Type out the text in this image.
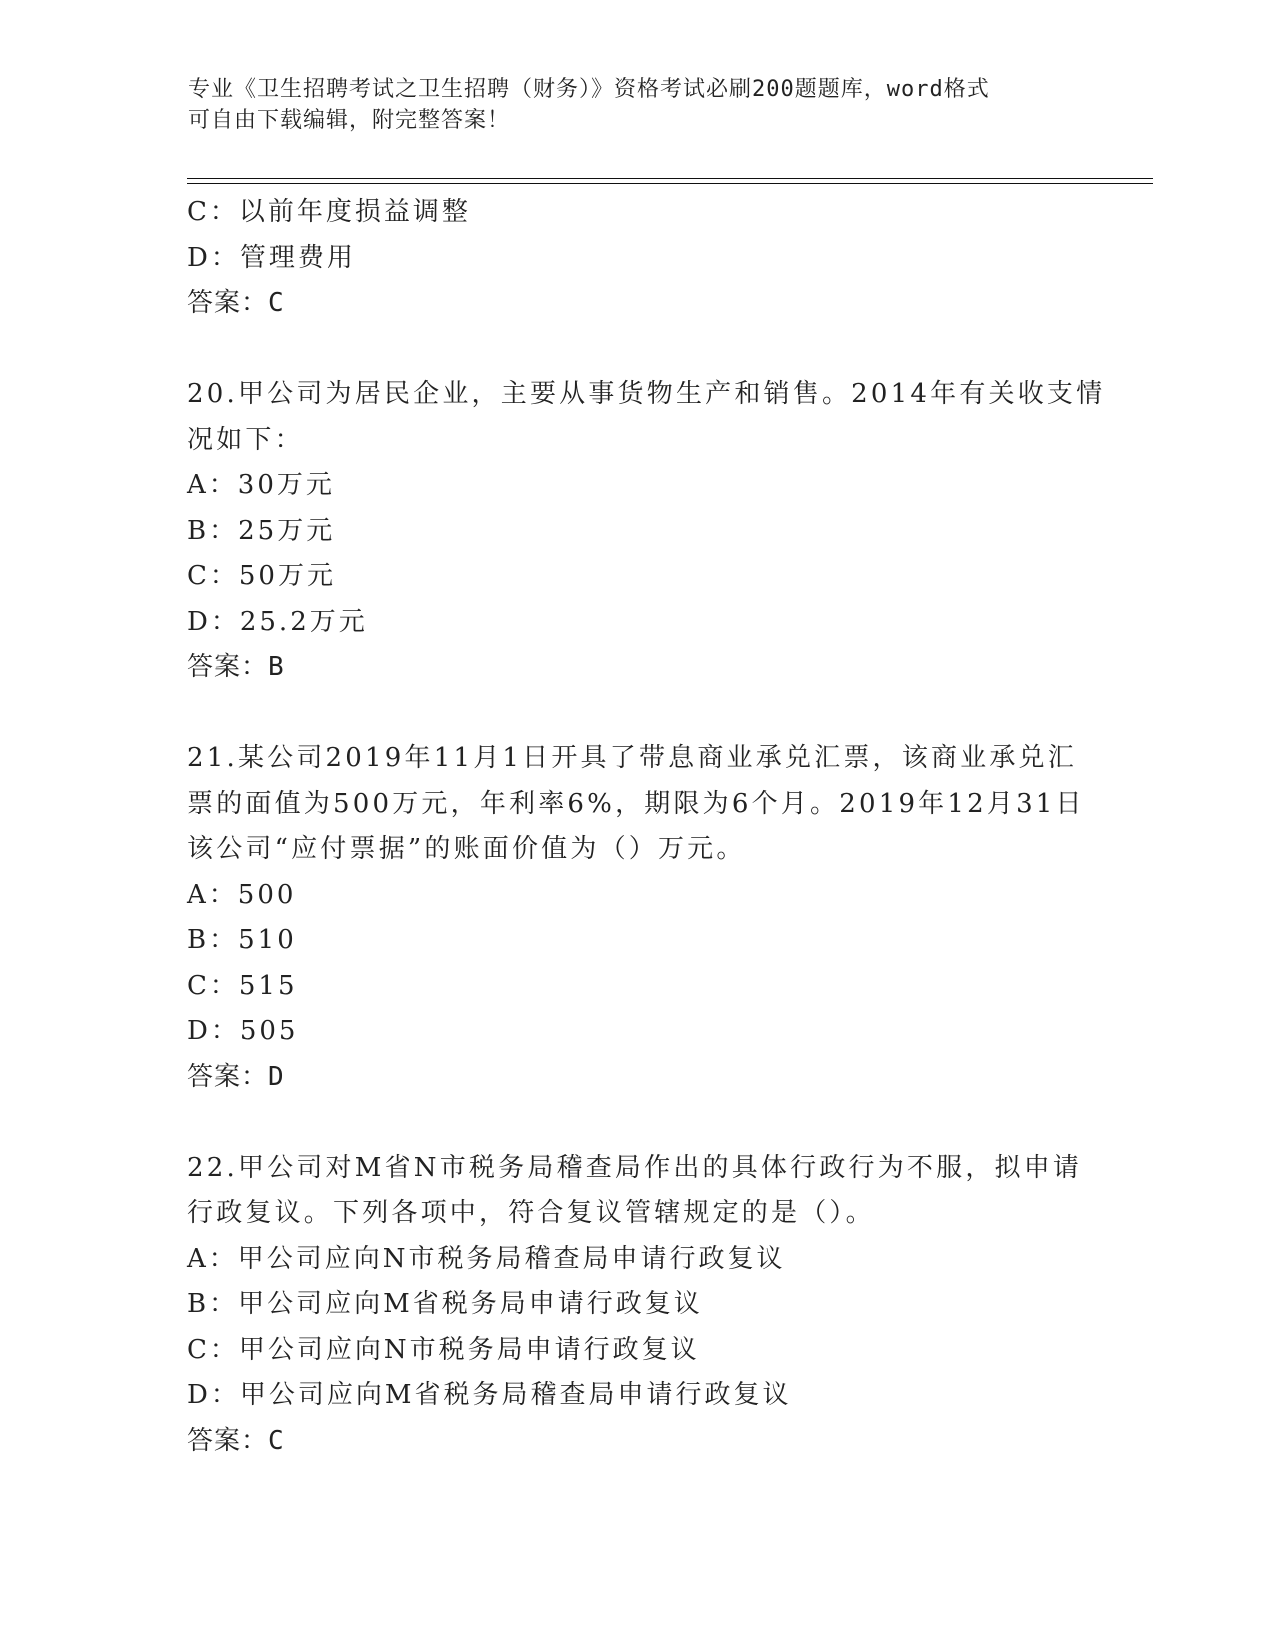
专业《卫生招聘考试之卫生招聘（财务）》资格考试必刷200题题库，word格式
可自由下载编辑，附完整答案！
C：以前年度损益调整
D：管理费用
答案：C
20.甲公司为居民企业，主要从事货物生产和销售。2014年有关收支情
况如下：
A：30万元
B：25万元
C：50万元
D：25.2万元
答案：B
21.某公司2019年11月1日开具了带息商业承兑汇票，该商业承兑汇
票的面值为500万元，年利率6%，期限为6个月。2019年12月31日
该公司“应付票据”的账面价值为（）万元。
A：500
B：510
C：515
D：505
答案：D
22.甲公司对M省N市税务局稽查局作出的具体行政行为不服，拟申请
行政复议。下列各项中，符合复议管辖规定的是（）。
A：甲公司应向N市税务局稽查局申请行政复议
B：甲公司应向M省税务局申请行政复议
C：甲公司应向N市税务局申请行政复议
D：甲公司应向M省税务局稽查局申请行政复议
答案：C
